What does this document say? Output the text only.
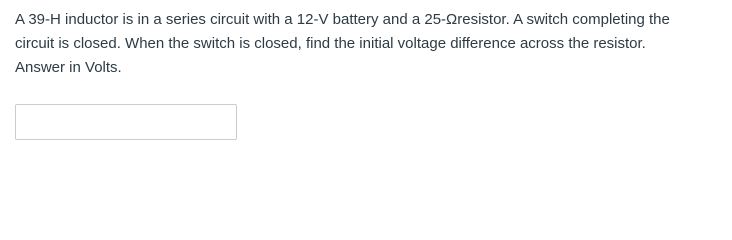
A 39-H inductor is in a series circuit with a 12-V battery and a 25-Ωresistor. A switch completing the

circuit is closed. When the switch is closed, find the initial voltage difference across the resistor.

Answer in Volts.
